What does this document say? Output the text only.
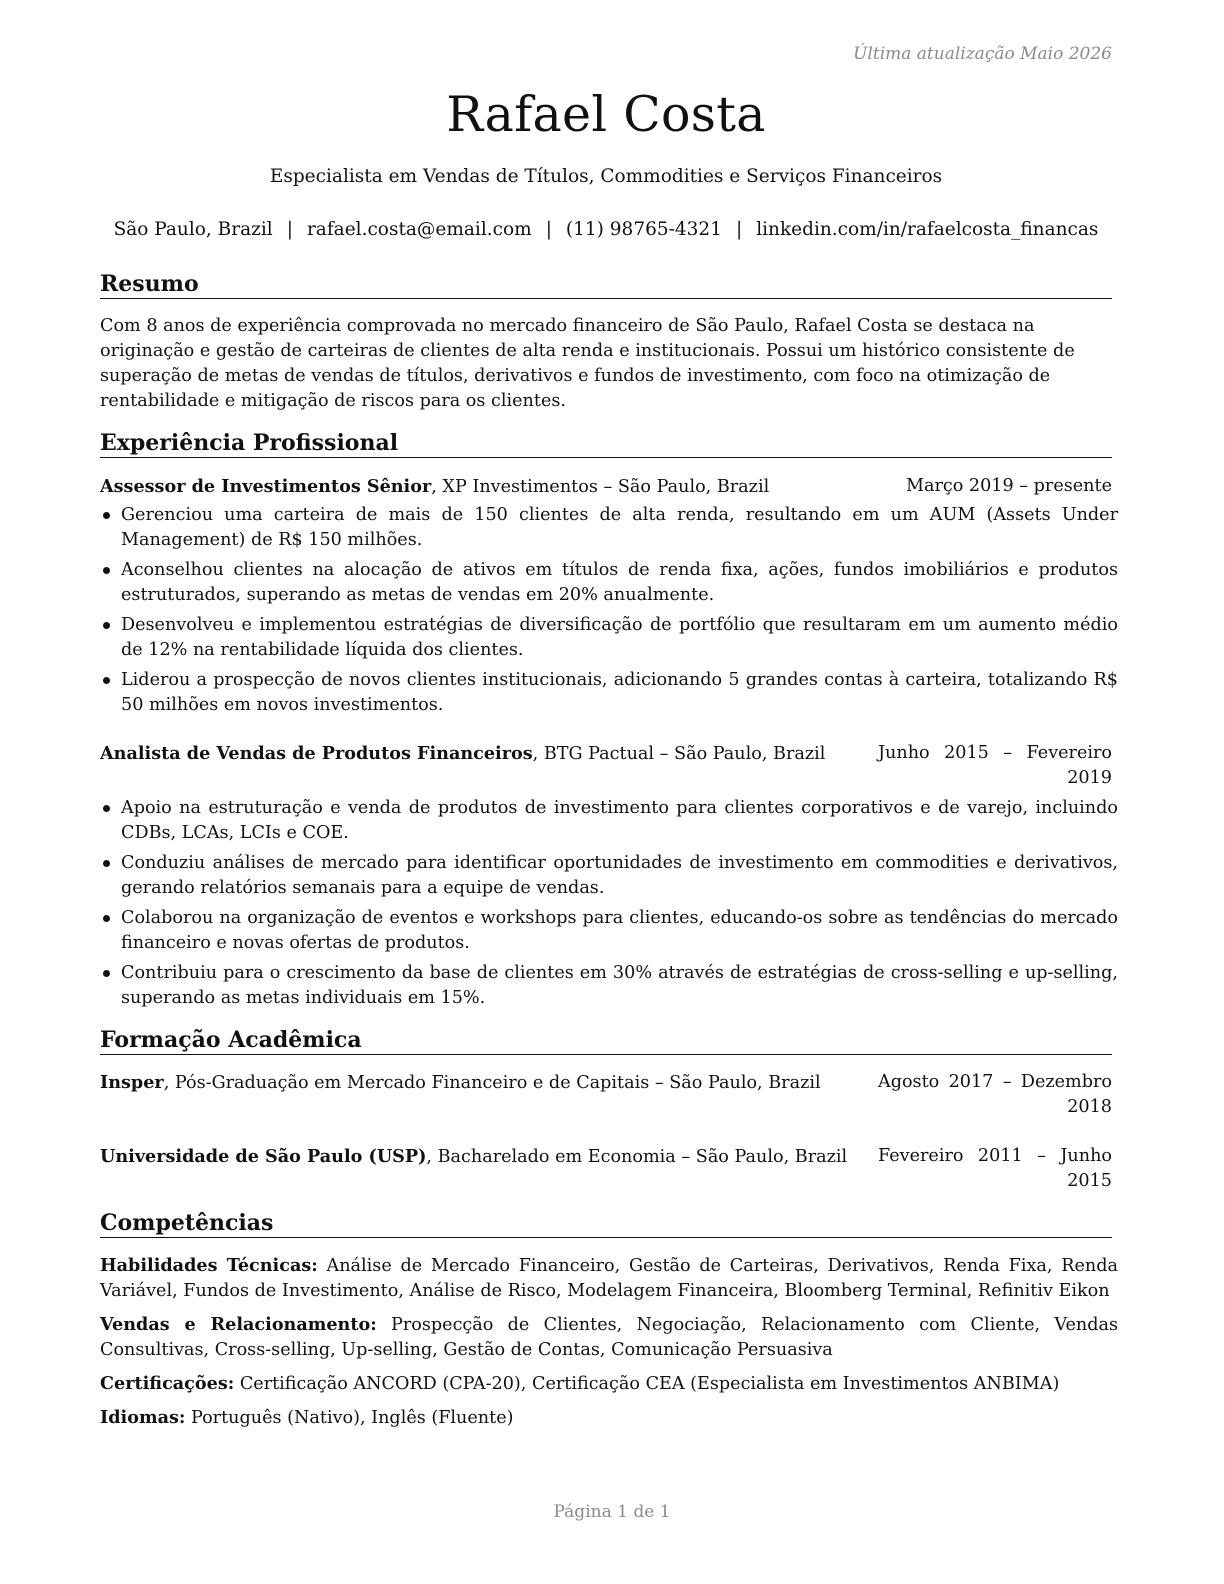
Última atualização Maio 2026
Rafael Costa
Especialista em Vendas de Títulos, Commodities e Serviços Financeiros
São Paulo, Brazil | rafael.costa@email.com | (11) 98765-4321 | linkedin.com/in/rafaelcosta_financas
Resumo
Com 8 anos de experiência comprovada no mercado financeiro de São Paulo, Rafael Costa se destaca na originação e gestão de carteiras de clientes de alta renda e institucionais. Possui um histórico consistente de superação de metas de vendas de títulos, derivativos e fundos de investimento, com foco na otimização de rentabilidade e mitigação de riscos para os clientes.
Experiência Profissional
Assessor de Investimentos Sênior, XP Investimentos – São Paulo, Brazil	Março 2019 – presente
Gerenciou uma carteira de mais de 150 clientes de alta renda, resultando em um AUM (Assets Under Management) de R$ 150 milhões.
Aconselhou clientes na alocação de ativos em títulos de renda fixa, ações, fundos imobiliários e produtos estruturados, superando as metas de vendas em 20% anualmente.
Desenvolveu e implementou estratégias de diversificação de portfólio que resultaram em um aumento médio de 12% na rentabilidade líquida dos clientes.
Liderou a prospecção de novos clientes institucionais, adicionando 5 grandes contas à carteira, totalizando R$ 50 milhões em novos investimentos.
Analista de Vendas de Produtos Financeiros, BTG Pactual – São Paulo, Brazil	Junho 2015 – Fevereiro 2019
Apoio na estruturação e venda de produtos de investimento para clientes corporativos e de varejo, incluindo CDBs, LCAs, LCIs e COE.
Conduziu análises de mercado para identificar oportunidades de investimento em commodities e derivativos, gerando relatórios semanais para a equipe de vendas.
Colaborou na organização de eventos e workshops para clientes, educando-os sobre as tendências do mercado financeiro e novas ofertas de produtos.
Contribuiu para o crescimento da base de clientes em 30% através de estratégias de cross-selling e up-selling, superando as metas individuais em 15%.
Formação Acadêmica
Insper, Pós-Graduação em Mercado Financeiro e de Capitais – São Paulo, Brazil	Agosto 2017 – Dezembro 2018
Universidade de São Paulo (USP), Bacharelado em Economia – São Paulo, Brazil Fevereiro 2011 – Junho 2015
Competências
Habilidades Técnicas: Análise de Mercado Financeiro, Gestão de Carteiras, Derivativos, Renda Fixa, Renda Variável, Fundos de Investimento, Análise de Risco, Modelagem Financeira, Bloomberg Terminal, Refinitiv Eikon
Vendas e Relacionamento: Prospecção de Clientes, Negociação, Relacionamento com Cliente, Vendas Consultivas, Cross-selling, Up-selling, Gestão de Contas, Comunicação Persuasiva
Certificações: Certificação ANCORD (CPA-20), Certificação CEA (Especialista em Investimentos ANBIMA)
Idiomas: Português (Nativo), Inglês (Fluente)
Página 1 de 1
